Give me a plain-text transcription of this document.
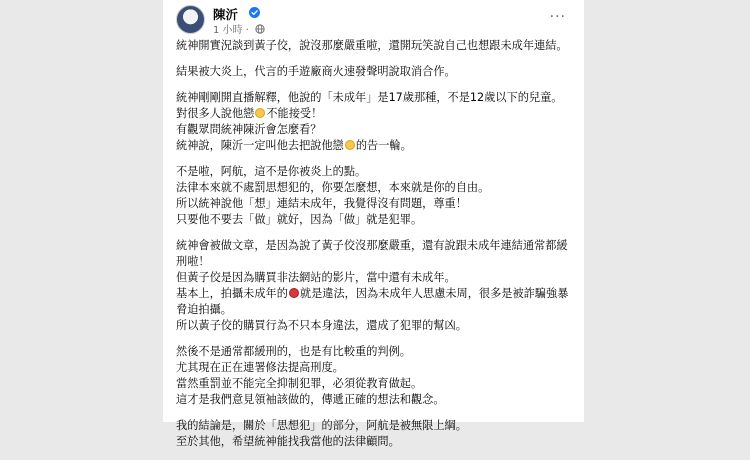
陳沂
1 小時 ·
···
統神開實況談到黃子佼，說沒那麼嚴重啦，還開玩笑說自己也想跟未成年連結。
結果被大炎上，代言的手遊廠商火速發聲明說取消合作。
統神剛剛開直播解釋，他說的「未成年」是17歲那種，不是12歲以下的兒童。
對很多人說他戀 不能接受！
有觀眾問統神陳沂會怎麼看？
統神說，陳沂一定叫他去把說他戀 的告一輪。
不是啦，阿航，這不是你被炎上的點。
法律本來就不處罰思想犯的，你要怎麼想，本來就是你的自由。
所以統神說他「想」連結未成年，我覺得沒有問題，尊重！
只要他不要去「做」就好，因為「做」就是犯罪。
統神會被做文章，是因為說了黃子佼沒那麼嚴重，還有說跟未成年連結通常都緩刑啦！
但黃子佼是因為購買非法網站的影片，當中還有未成年。
基本上，拍攝未成年的 就是違法，因為未成年人思慮未周，很多是被詐騙強暴脅迫拍攝。
所以黃子佼的購買行為不只本身違法，還成了犯罪的幫凶。
然後不是通常都緩刑的，也是有比較重的判例。
尤其現在正在連署修法提高刑度。
當然重罰並不能完全抑制犯罪，必須從教育做起。
這才是我們意見領袖該做的，傳遞正確的想法和觀念。
我的結論是，關於「思想犯」的部分，阿航是被無限上綱。
至於其他，希望統神能找我當他的法律顧問。
